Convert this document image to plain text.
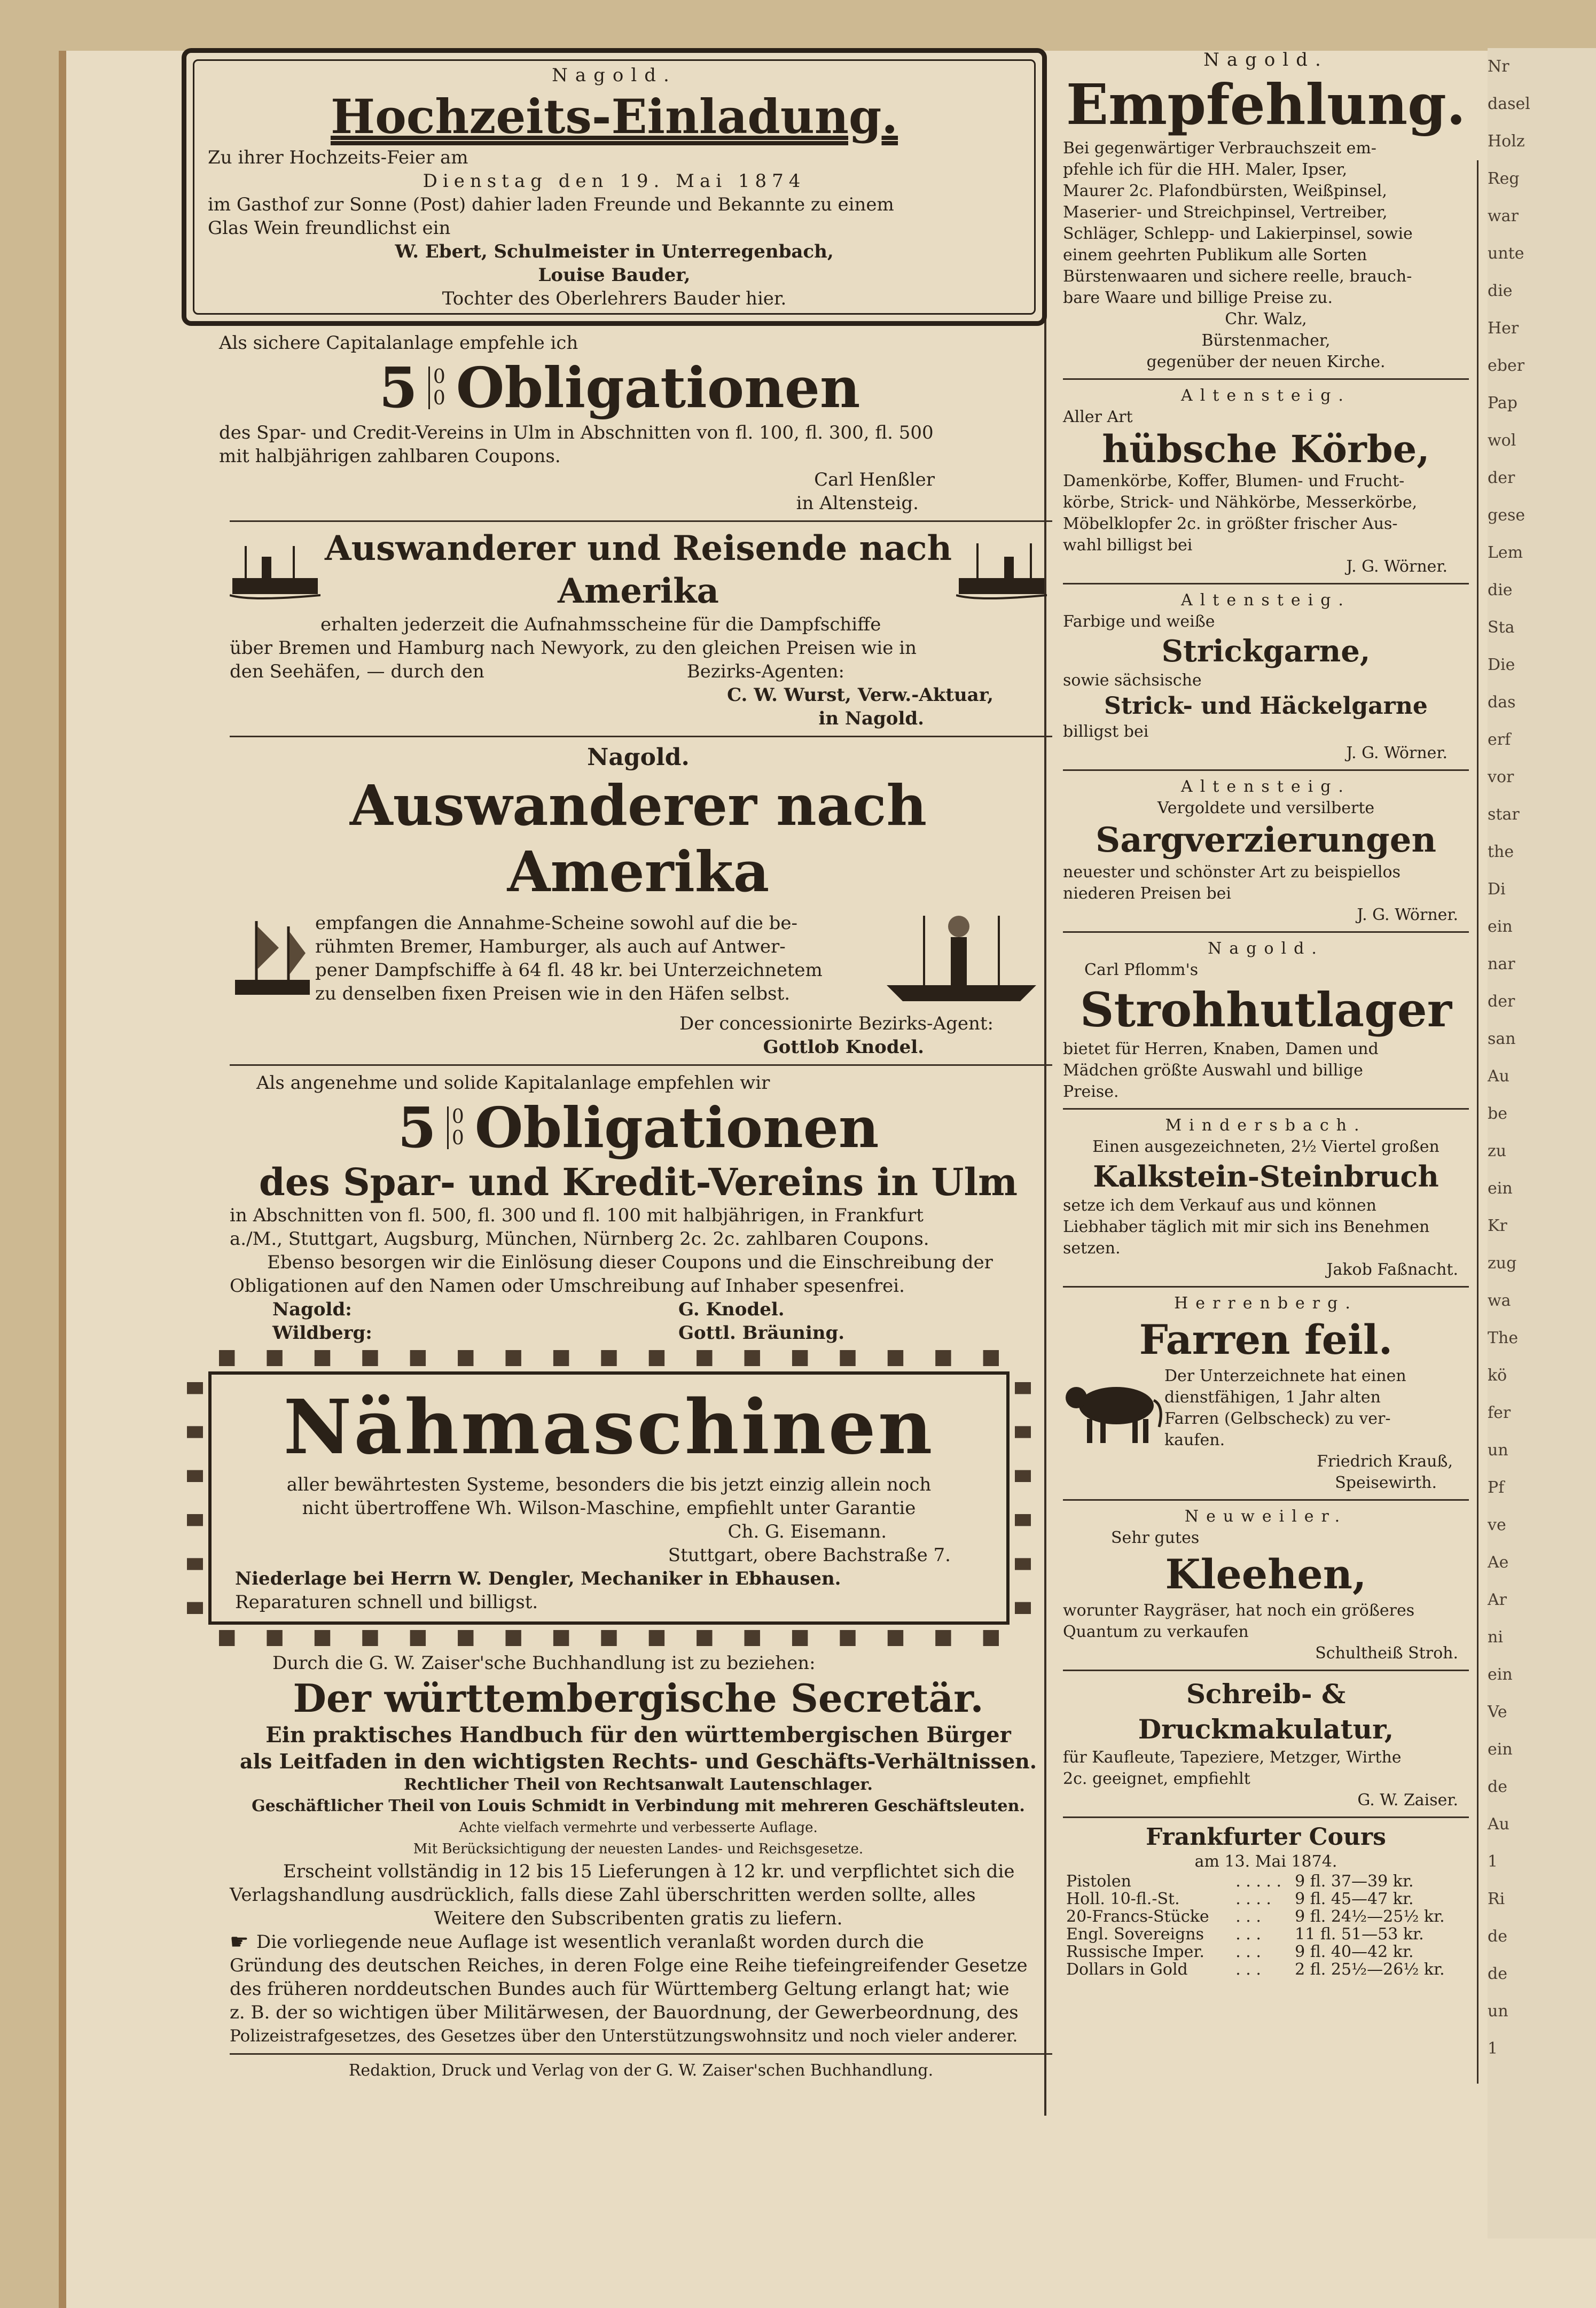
Nr
dasel
Holz
Reg
war
unte
die
Her
eber
Pap
wol
der
gese
Lem
die
Sta
Die
das
erf
vor
star
the
Di
ein
nar
der
san
Au
be
zu
ein
Kr
zug
wa
The
kö
fer
un
Pf
ve
Ae
Ar
ni
ein
Ve
ein
de
Au
1
Ri
de
de
un
1
Nagold.
Hochzeits-Einladung.
Zu ihrer Hochzeits-Feier am
Dienstag den 19. Mai 1874
im Gasthof zur Sonne (Post) dahier laden Freunde und Bekannte zu einem
Glas Wein freundlichst ein
W. Ebert, Schulmeister in Unterregenbach,
Louise Bauder,
Tochter des Oberlehrers Bauder hier.
Als sichere Capitalanlage empfehle ich
5 0
0 Obligationen
des Spar- und Credit-Vereins in Ulm in Abschnitten von fl. 100, fl. 300, fl. 500
mit halbjährigen zahlbaren Coupons.
Carl Henßler
in Altensteig.
Auswanderer und Reisende nach Amerika
erhalten jederzeit die Aufnahmsscheine für die Dampfschiffe
über Bremen und Hamburg nach Newyork, zu den gleichen Preisen wie in
den Seehäfen, — durch den	Bezirks-Agenten:
C. W. Wurst, Verw.-Aktuar,
in Nagold.
Nagold.
Auswanderer nach Amerika
empfangen die Annahme-Scheine sowohl auf die be-
rühmten Bremer, Hamburger, als auch auf Antwer-
pener Dampfschiffe à 64 fl. 48 kr. bei Unterzeichnetem
zu denselben fixen Preisen wie in den Häfen selbst.
Der concessionirte Bezirks-Agent:
Gottlob Knodel.
Als angenehme und solide Kapitalanlage empfehlen wir
5 0
0 Obligationen
des Spar- und Kredit-Vereins in Ulm
in Abschnitten von fl. 500, fl. 300 und fl. 100 mit halbjährigen, in Frankfurt
a./M., Stuttgart, Augsburg, München, Nürnberg 2c. 2c. zahlbaren Coupons.
Ebenso besorgen wir die Einlösung dieser Coupons und die Einschreibung der
Obligationen auf den Namen oder Umschreibung auf Inhaber spesenfrei.
Nagold:	G. Knodel.
Wildberg:	Gottl. Bräuning.
Nähmaschinen
aller bewährtesten Systeme, besonders die bis jetzt einzig allein noch
nicht übertroffene Wh. Wilson-Maschine, empfiehlt unter Garantie
Ch. G. Eisemann.
Stuttgart, obere Bachstraße 7.
Niederlage bei Herrn W. Dengler, Mechaniker in Ebhausen.
Reparaturen schnell und billigst.
Durch die G. W. Zaiser'sche Buchhandlung ist zu beziehen:
Der württembergische Secretär.
Ein praktisches Handbuch für den württembergischen Bürger
als Leitfaden in den wichtigsten Rechts- und Geschäfts-Verhältnissen.
Rechtlicher Theil von Rechtsanwalt Lautenschlager.
Geschäftlicher Theil von Louis Schmidt in Verbindung mit mehreren Geschäftsleuten.
Achte vielfach vermehrte und verbesserte Auflage.
Mit Berücksichtigung der neuesten Landes- und Reichsgesetze.
Erscheint vollständig in 12 bis 15 Lieferungen à 12 kr. und verpflichtet sich die
Verlagshandlung ausdrücklich, falls diese Zahl überschritten werden sollte, alles
Weitere den Subscribenten gratis zu liefern.
☛ Die vorliegende neue Auflage ist wesentlich veranlaßt worden durch die
Gründung des deutschen Reiches, in deren Folge eine Reihe tiefeingreifender Gesetze
des früheren norddeutschen Bundes auch für Württemberg Geltung erlangt hat; wie
z. B. der so wichtigen über Militärwesen, der Bauordnung, der Gewerbeordnung, des
Polizeistrafgesetzes, des Gesetzes über den Unterstützungswohnsitz und noch vieler anderer.
Redaktion, Druck und Verlag von der G. W. Zaiser'schen Buchhandlung.
Nagold.
Empfehlung.
Bei gegenwärtiger Verbrauchszeit em-
pfehle ich für die HH. Maler, Ipser,
Maurer 2c. Plafondbürsten, Weißpinsel,
Maserier- und Streichpinsel, Vertreiber,
Schläger, Schlepp- und Lakierpinsel, sowie
einem geehrten Publikum alle Sorten
Bürstenwaaren und sichere reelle, brauch-
bare Waare und billige Preise zu.
Chr. Walz,
Bürstenmacher,
gegenüber der neuen Kirche.
Altensteig.
Aller Art
hübsche Körbe,
Damenkörbe, Koffer, Blumen- und Frucht-
körbe, Strick- und Nähkörbe, Messerkörbe,
Möbelklopfer 2c. in größter frischer Aus-
wahl billigst bei
J. G. Wörner.
Altensteig.
Farbige und weiße
Strickgarne,
sowie sächsische
Strick- und Häckelgarne
billigst bei
J. G. Wörner.
Altensteig.
Vergoldete und versilberte
Sargverzierungen
neuester und schönster Art zu beispiellos
niederen Preisen bei
J. G. Wörner.
Nagold.
Carl Pflomm's
Strohhutlager
bietet für Herren, Knaben, Damen und
Mädchen größte Auswahl und billige
Preise.
Mindersbach.
Einen ausgezeichneten, 2½ Viertel großen
Kalkstein-Steinbruch
setze ich dem Verkauf aus und können
Liebhaber täglich mit mir sich ins Benehmen
setzen.
Jakob Faßnacht.
Herrenberg.
Farren feil.
Der Unterzeichnete hat einen
dienstfähigen, 1 Jahr alten
Farren (Gelbscheck) zu ver-
kaufen.
Friedrich Krauß,
Speisewirth.
Neuweiler.
Sehr gutes
Kleehen,
worunter Raygräser, hat noch ein größeres
Quantum zu verkaufen
Schultheiß Stroh.
Schreib- & Druckmakulatur,
für Kaufleute, Tapeziere, Metzger, Wirthe
2c. geeignet, empfiehlt
G. W. Zaiser.
Frankfurter Cours
am 13. Mai 1874.
Pistolen	. . . . .	9 fl. 37—39 kr.
Holl. 10-fl.-St.	. . . .	9 fl. 45—47 kr.
20-Francs-Stücke	. . .	9 fl. 24½—25½ kr.
Engl. Sovereigns	. . .	11 fl. 51—53 kr.
Russische Imper.	. . .	9 fl. 40—42 kr.
Dollars in Gold	. . .	2 fl. 25½—26½ kr.
